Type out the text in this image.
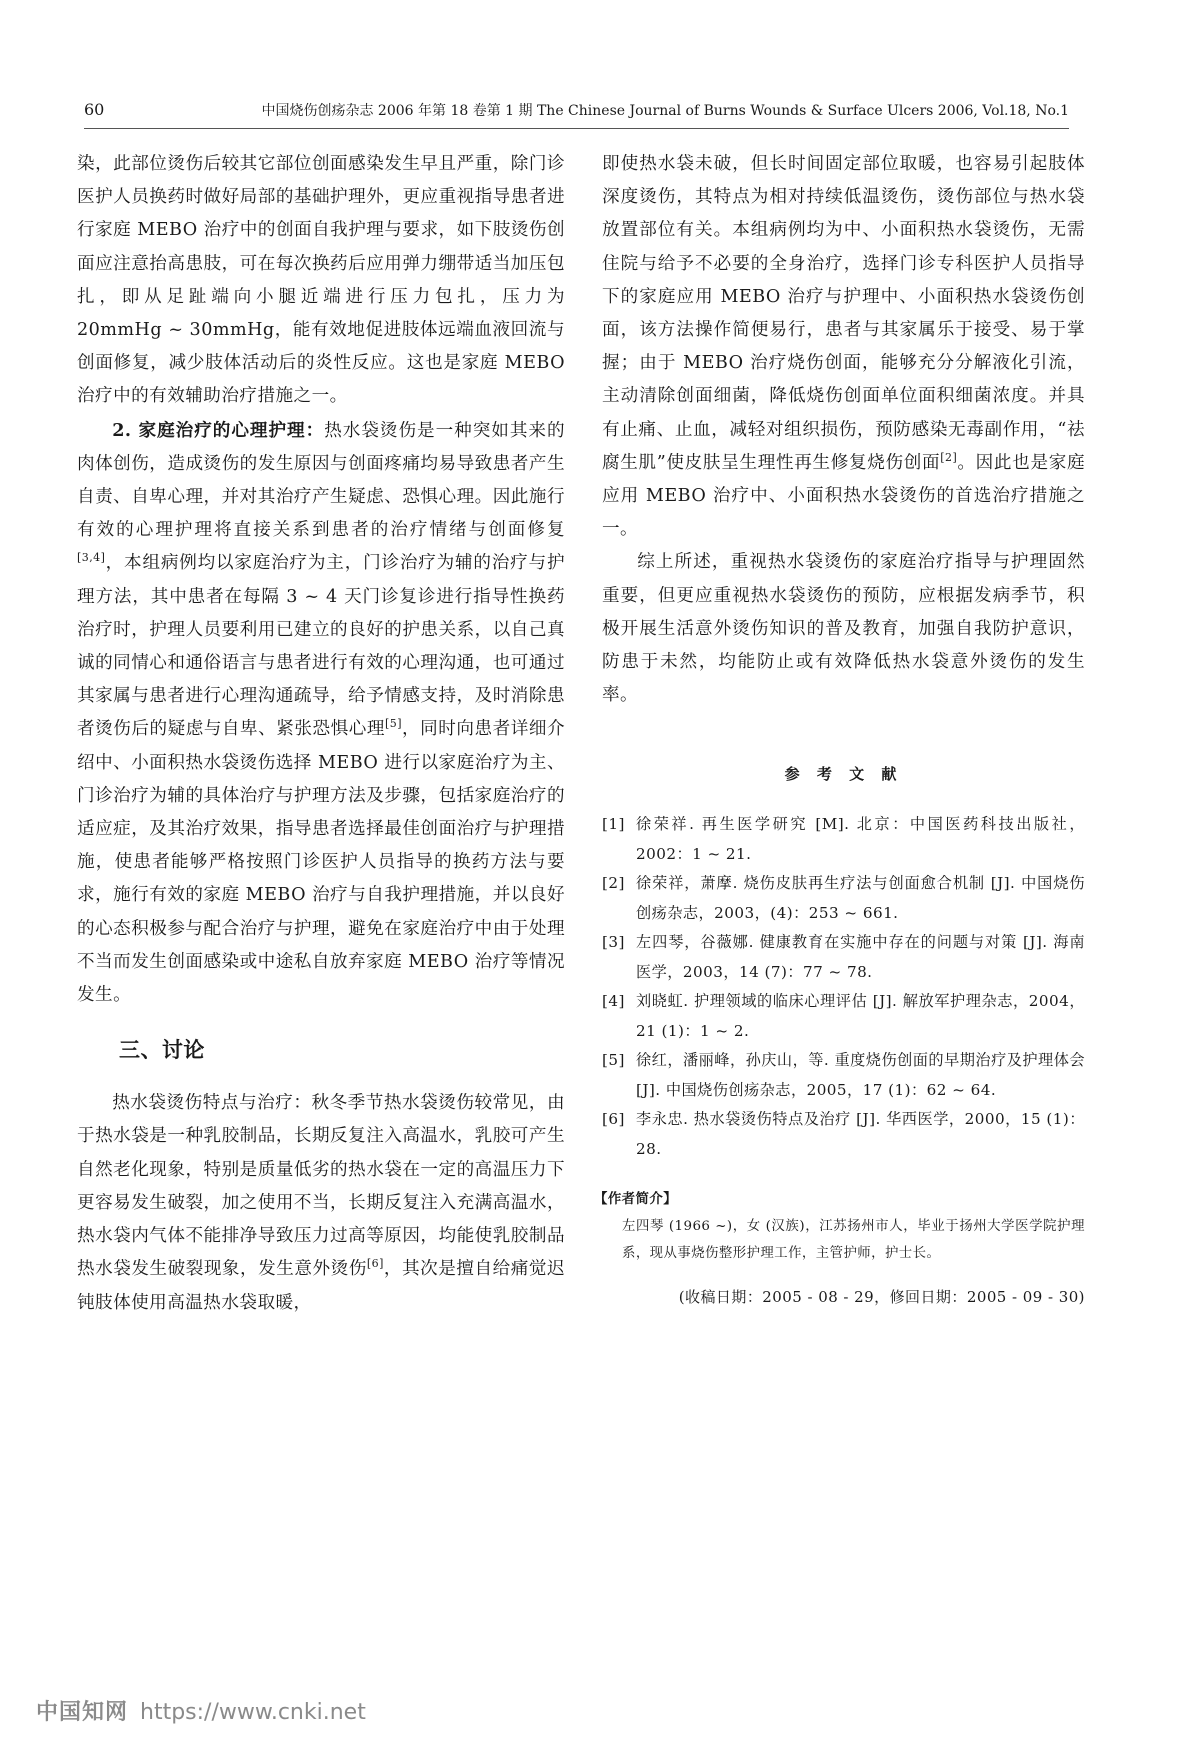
60	中国烧伤创疡杂志 2006 年第 18 卷第 1 期 The Chinese Journal of Burns Wounds & Surface Ulcers 2006, Vol.18, No.1

染，此部位烫伤后较其它部位创面感染发生早且严重，除门诊医护人员换药时做好局部的基础护理外，更应重视指导患者进行家庭 MEBO 治疗中的创面自我护理与要求，如下肢烫伤创面应注意抬高患肢，可在每次换药后应用弹力绷带适当加压包扎，即从足趾端向小腿近端进行压力包扎，压力为 20mmHg ~ 30mmHg，能有效地促进肢体远端血液回流与创面修复，减少肢体活动后的炎性反应。这也是家庭 MEBO 治疗中的有效辅助治疗措施之一。

2. 家庭治疗的心理护理：热水袋烫伤是一种突如其来的肉体创伤，造成烫伤的发生原因与创面疼痛均易导致患者产生自责、自卑心理，并对其治疗产生疑虑、恐惧心理。因此施行有效的心理护理将直接关系到患者的治疗情绪与创面修复[3,4]，本组病例均以家庭治疗为主，门诊治疗为辅的治疗与护理方法，其中患者在每隔 3 ~ 4 天门诊复诊进行指导性换药治疗时，护理人员要利用已建立的良好的护患关系，以自己真诚的同情心和通俗语言与患者进行有效的心理沟通，也可通过其家属与患者进行心理沟通疏导，给予情感支持，及时消除患者烫伤后的疑虑与自卑、紧张恐惧心理[5]，同时向患者详细介绍中、小面积热水袋烫伤选择 MEBO 进行以家庭治疗为主、门诊治疗为辅的具体治疗与护理方法及步骤，包括家庭治疗的适应症，及其治疗效果，指导患者选择最佳创面治疗与护理措施，使患者能够严格按照门诊医护人员指导的换药方法与要求，施行有效的家庭 MEBO 治疗与自我护理措施，并以良好的心态积极参与配合治疗与护理，避免在家庭治疗中由于处理不当而发生创面感染或中途私自放弃家庭 MEBO 治疗等情况发生。

三、讨论

热水袋烫伤特点与治疗：秋冬季节热水袋烫伤较常见，由于热水袋是一种乳胶制品，长期反复注入高温水，乳胶可产生自然老化现象，特别是质量低劣的热水袋在一定的高温压力下更容易发生破裂，加之使用不当，长期反复注入充满高温水，热水袋内气体不能排净导致压力过高等原因，均能使乳胶制品热水袋发生破裂现象，发生意外烫伤[6]，其次是擅自给痛觉迟钝肢体使用高温热水袋取暖，

即使热水袋未破，但长时间固定部位取暖，也容易引起肢体深度烫伤，其特点为相对持续低温烫伤，烫伤部位与热水袋放置部位有关。本组病例均为中、小面积热水袋烫伤，无需住院与给予不必要的全身治疗，选择门诊专科医护人员指导下的家庭应用 MEBO 治疗与护理中、小面积热水袋烫伤创面，该方法操作简便易行，患者与其家属乐于接受、易于掌握；由于 MEBO 治疗烧伤创面，能够充分分解液化引流，主动清除创面细菌，降低烧伤创面单位面积细菌浓度。并具有止痛、止血，减轻对组织损伤，预防感染无毒副作用，“祛腐生肌”使皮肤呈生理性再生修复烧伤创面[2]。因此也是家庭应用 MEBO 治疗中、小面积热水袋烫伤的首选治疗措施之一。

综上所述，重视热水袋烫伤的家庭治疗指导与护理固然重要，但更应重视热水袋烫伤的预防，应根据发病季节，积极开展生活意外烫伤知识的普及教育，加强自我防护意识，防患于未然，均能防止或有效降低热水袋意外烫伤的发生率。

参 考 文 献
[1] 徐荣祥. 再生医学研究 [M]. 北京：中国医药科技出版社，2002：1 ~ 21.
[2] 徐荣祥，萧摩. 烧伤皮肤再生疗法与创面愈合机制 [J]. 中国烧伤创疡杂志，2003，(4)：253 ~ 661.
[3] 左四琴，谷薇娜. 健康教育在实施中存在的问题与对策 [J]. 海南医学，2003，14 (7)：77 ~ 78.
[4] 刘晓虹. 护理领域的临床心理评估 [J]. 解放军护理杂志，2004，21 (1)：1 ~ 2.
[5] 徐红，潘丽峰，孙庆山，等. 重度烧伤创面的早期治疗及护理体会 [J]. 中国烧伤创疡杂志，2005，17 (1)：62 ~ 64.
[6] 李永忠. 热水袋烫伤特点及治疗 [J]. 华西医学，2000，15 (1)：28.
【作者简介】
左四琴 (1966 ~)，女 (汉族)，江苏扬州市人，毕业于扬州大学医学院护理系，现从事烧伤整形护理工作，主管护师，护士长。
(收稿日期：2005 - 08 - 29，修回日期：2005 - 09 - 30)
中国知网 https://www.cnki.net
